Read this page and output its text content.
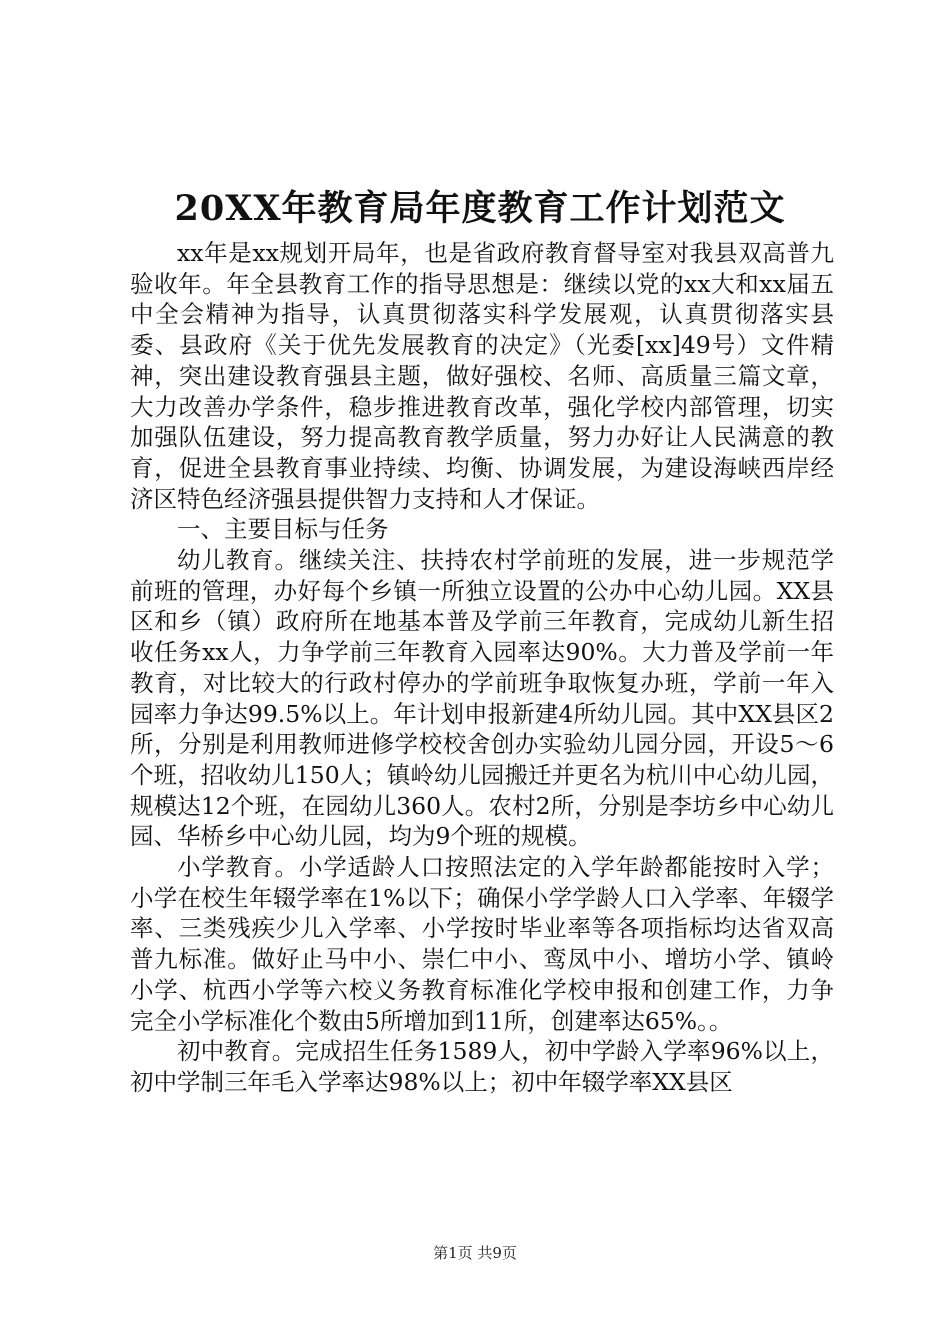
20XX年教育局年度教育工作计划范文

xx年是xx规划开局年，也是省政府教育督导室对我县双高普九验收年。年全县教育工作的指导思想是：继续以党的xx大和xx届五中全会精神为指导，认真贯彻落实科学发展观，认真贯彻落实县委、县政府《关于优先发展教育的决定》（光委[xx]49号）文件精神，突出建设教育强县主题，做好强校、名师、高质量三篇文章，大力改善办学条件，稳步推进教育改革，强化学校内部管理，切实加强队伍建设，努力提高教育教学质量，努力办好让人民满意的教育，促进全县教育事业持续、均衡、协调发展，为建设海峡西岸经济区特色经济强县提供智力支持和人才保证。

一、主要目标与任务

幼儿教育。继续关注、扶持农村学前班的发展，进一步规范学前班的管理，办好每个乡镇一所独立设置的公办中心幼儿园。XX县区和乡（镇）政府所在地基本普及学前三年教育，完成幼儿新生招收任务xx人，力争学前三年教育入园率达90%。大力普及学前一年教育，对比较大的行政村停办的学前班争取恢复办班，学前一年入园率力争达99.5%以上。年计划申报新建4所幼儿园。其中XX县区2所，分别是利用教师进修学校校舍创办实验幼儿园分园，开设5～6个班，招收幼儿150人；镇岭幼儿园搬迁并更名为杭川中心幼儿园，规模达12个班，在园幼儿360人。农村2所，分别是李坊乡中心幼儿园、华桥乡中心幼儿园，均为9个班的规模。

小学教育。小学适龄人口按照法定的入学年龄都能按时入学；小学在校生年辍学率在1%以下；确保小学学龄人口入学率、年辍学率、三类残疾少儿入学率、小学按时毕业率等各项指标均达省双高普九标准。做好止马中小、崇仁中小、鸾凤中小、增坊小学、镇岭小学、杭西小学等六校义务教育标准化学校申报和创建工作，力争完全小学标准化个数由5所增加到11所，创建率达65%。。

初中教育。完成招生任务1589人，初中学龄入学率96%以上，初中学制三年毛入学率达98%以上；初中年辍学率XX县区

第1页 共9页
